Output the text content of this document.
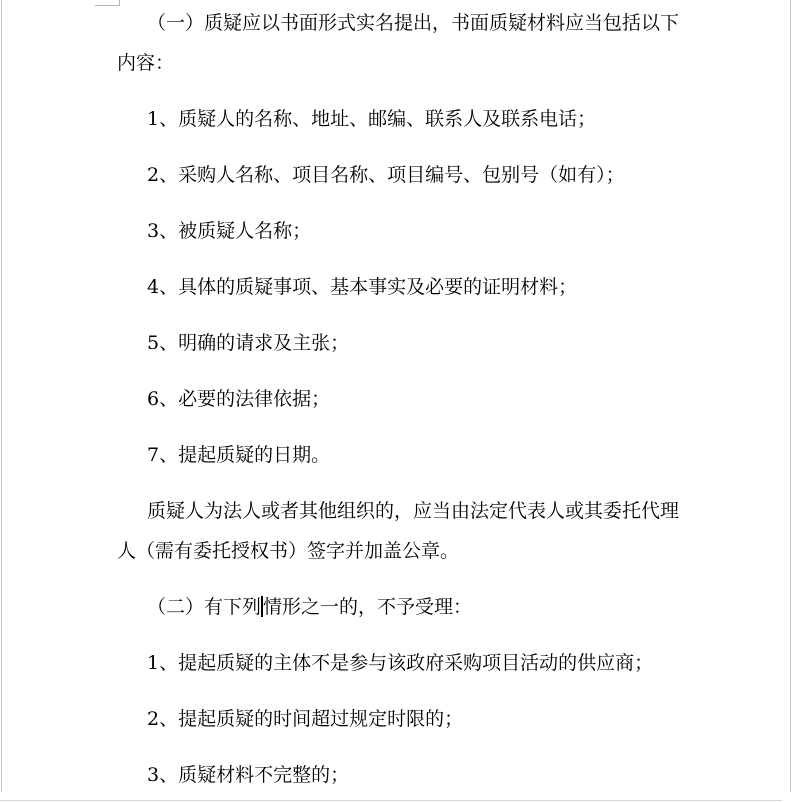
（一）质疑应以书面形式实名提出，书面质疑材料应当包括以下
内容：
1、质疑人的名称、地址、邮编、联系人及联系电话；
2、采购人名称、项目名称、项目编号、包别号（如有）；
3、被质疑人名称；
4、具体的质疑事项、基本事实及必要的证明材料；
5、明确的请求及主张；
6、必要的法律依据；
7、提起质疑的日期。
质疑人为法人或者其他组织的，应当由法定代表人或其委托代理
人（需有委托授权书）签字并加盖公章。
（二）有下列 情形之一的，不予受理：
1、提起质疑的主体不是参与该政府采购项目活动的供应商；
2、提起质疑的时间超过规定时限的；
3、质疑材料不完整的；
